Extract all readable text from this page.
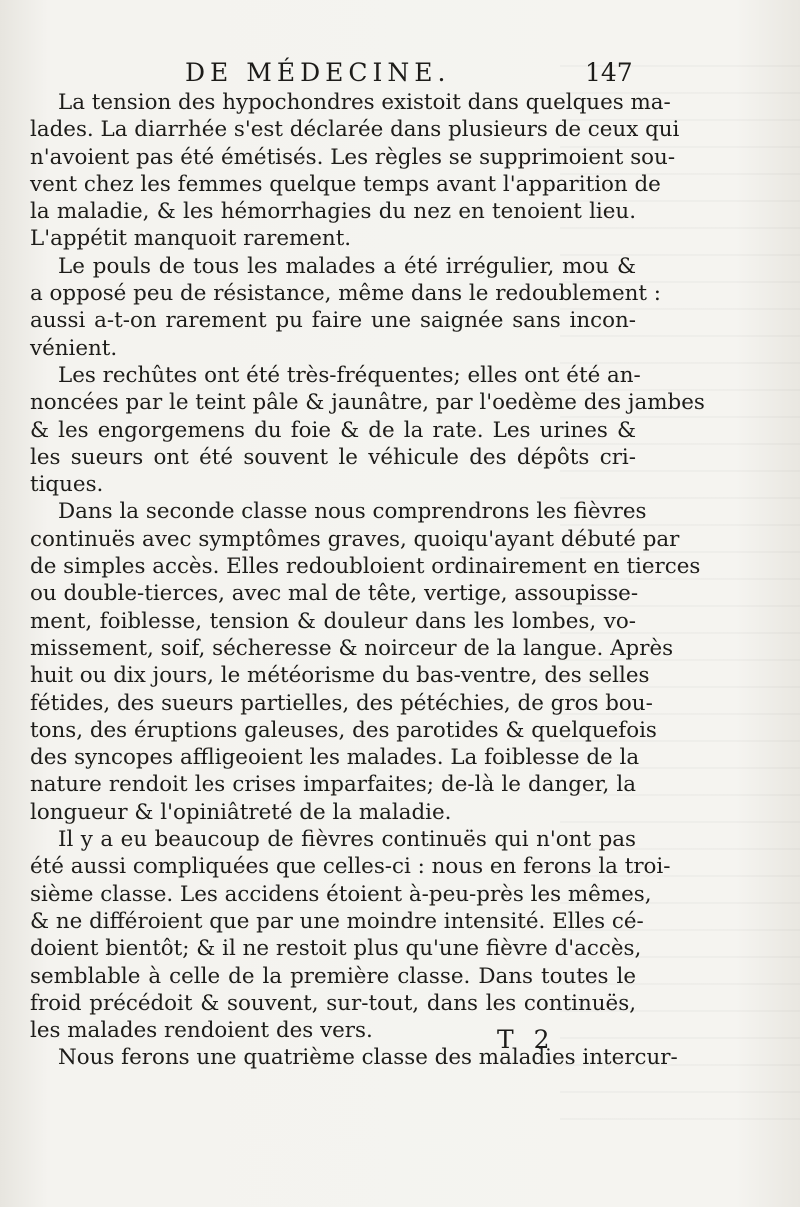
DE MÉDECINE.	147
La tension des hypochondres existoit dans quelques ma-
lades. La diarrhée s'est déclarée dans plusieurs de ceux qui
n'avoient pas été émétisés. Les règles se supprimoient sou-
vent chez les femmes quelque temps avant l'apparition de
la maladie, & les hémorrhagies du nez en tenoient lieu.
L'appétit manquoit rarement.
Le pouls de tous les malades a été irrégulier, mou &
a opposé peu de résistance, même dans le redoublement :
aussi a-t-on rarement pu faire une saignée sans incon-
vénient.
Les rechûtes ont été très-fréquentes; elles ont été an-
noncées par le teint pâle & jaunâtre, par l'oedème des jambes
& les engorgemens du foie & de la rate. Les urines &
les sueurs ont été souvent le véhicule des dépôts cri-
tiques.
Dans la seconde classe nous comprendrons les fièvres
continuës avec symptômes graves, quoiqu'ayant débuté par
de simples accès. Elles redoubloient ordinairement en tierces
ou double-tierces, avec mal de tête, vertige, assoupisse-
ment, foiblesse, tension & douleur dans les lombes, vo-
missement, soif, sécheresse & noirceur de la langue. Après
huit ou dix jours, le météorisme du bas-ventre, des selles
fétides, des sueurs partielles, des pétéchies, de gros bou-
tons, des éruptions galeuses, des parotides & quelquefois
des syncopes affligeoient les malades. La foiblesse de la
nature rendoit les crises imparfaites; de-là le danger, la
longueur & l'opiniâtreté de la maladie.
Il y a eu beaucoup de fièvres continuës qui n'ont pas
été aussi compliquées que celles-ci : nous en ferons la troi-
sième classe. Les accidens étoient à-peu-près les mêmes,
& ne différoient que par une moindre intensité. Elles cé-
doient bientôt; & il ne restoit plus qu'une fièvre d'accès,
semblable à celle de la première classe. Dans toutes le
froid précédoit & souvent, sur-tout, dans les continuës,
les malades rendoient des vers.
Nous ferons une quatrième classe des maladies intercur-
T 2
